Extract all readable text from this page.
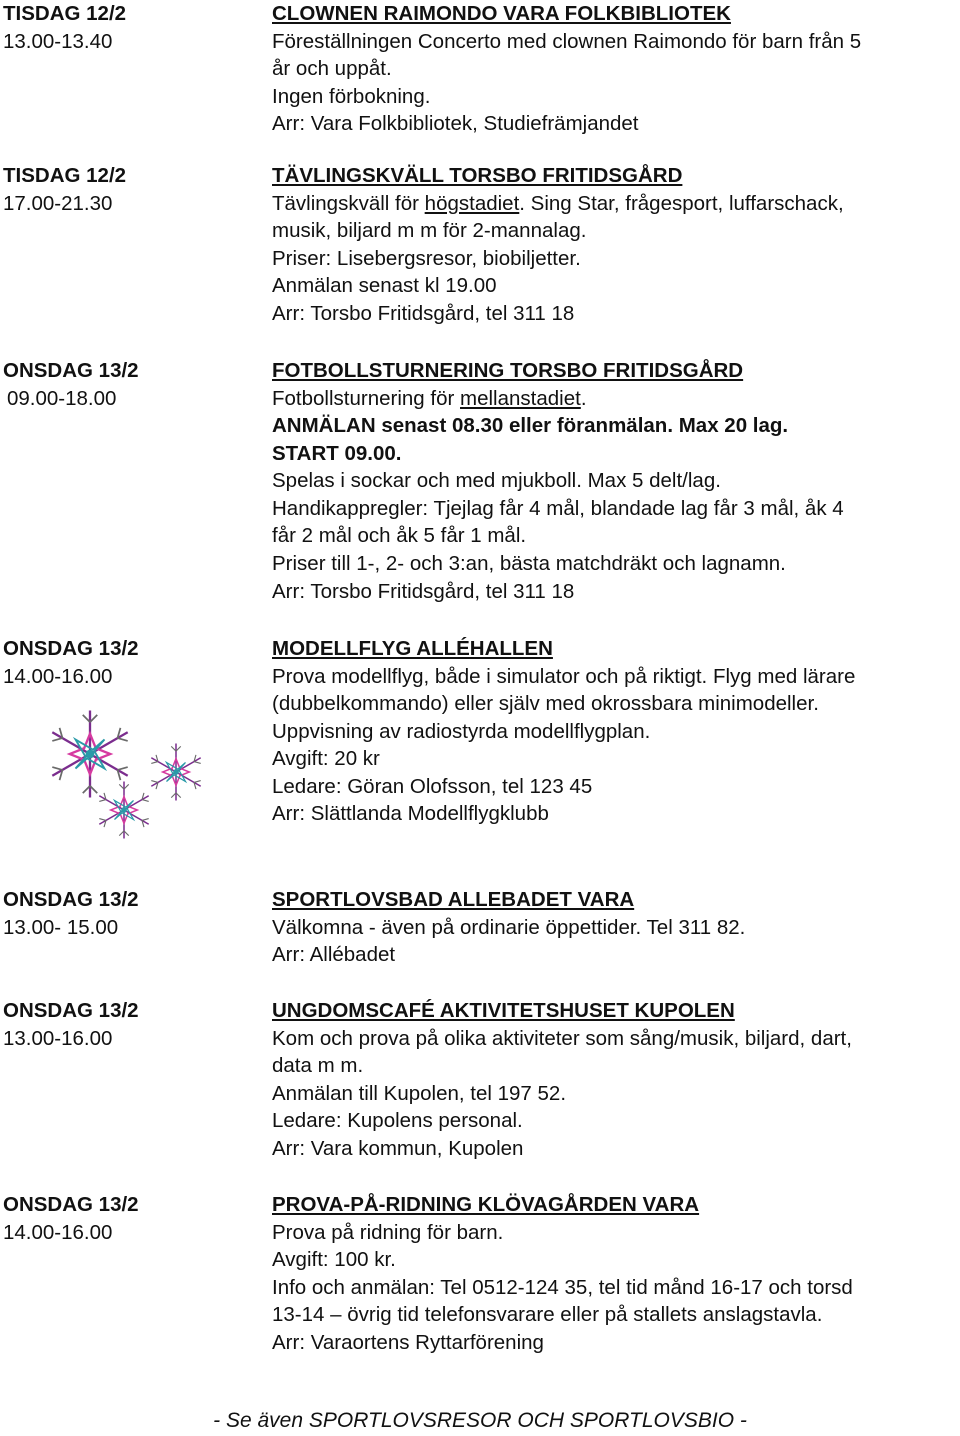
TISDAG 12/2	CLOWNEN RAIMONDO VARA FOLKBIBLIOTEK
13.00-13.40	Föreställningen Concerto med clownen Raimondo för barn från 5
år och uppåt.
Ingen förbokning.
Arr: Vara Folkbibliotek, Studiefrämjandet
TISDAG 12/2	TÄVLINGSKVÄLL TORSBO FRITIDSGÅRD
17.00-21.30	Tävlingskväll för högstadiet. Sing Star, frågesport, luffarschack,
musik, biljard m m för 2-mannalag.
Priser: Lisebergsresor, biobiljetter.
Anmälan senast kl 19.00
Arr: Torsbo Fritidsgård, tel 311 18
ONSDAG 13/2	FOTBOLLSTURNERING TORSBO FRITIDSGÅRD
09.00-18.00	Fotbollsturnering för mellanstadiet.
ANMÄLAN senast 08.30 eller föranmälan. Max 20 lag.
START 09.00.
Spelas i sockar och med mjukboll. Max 5 delt/lag.
Handikappregler: Tjejlag får 4 mål, blandade lag får 3 mål, åk 4
får 2 mål och åk 5 får 1 mål.
Priser till 1-, 2- och 3:an, bästa matchdräkt och lagnamn.
Arr: Torsbo Fritidsgård, tel 311 18
ONSDAG 13/2	MODELLFLYG ALLÉHALLEN
14.00-16.00	Prova modellflyg, både i simulator och på riktigt. Flyg med lärare
(dubbelkommando) eller själv med okrossbara minimodeller.
Uppvisning av radiostyrda modellflygplan.
Avgift: 20 kr
Ledare: Göran Olofsson, tel 123 45
Arr: Slättlanda Modellflygklubb
ONSDAG 13/2	SPORTLOVSBAD ALLEBADET VARA
13.00- 15.00	Välkomna - även på ordinarie öppettider. Tel 311 82.
Arr: Allébadet
ONSDAG 13/2	UNGDOMSCAFÉ AKTIVITETSHUSET KUPOLEN
13.00-16.00	Kom och prova på olika aktiviteter som sång/musik, biljard, dart,
data m m.
Anmälan till Kupolen, tel 197 52.
Ledare: Kupolens personal.
Arr: Vara kommun, Kupolen
ONSDAG 13/2	PROVA-PÅ-RIDNING KLÖVAGÅRDEN VARA
14.00-16.00	Prova på ridning för barn.
Avgift: 100 kr.
Info och anmälan: Tel 0512-124 35, tel tid månd 16-17 och torsd
13-14 – övrig tid telefonsvarare eller på stallets anslagstavla.
Arr: Varaortens Ryttarförening
- Se även SPORTLOVSRESOR OCH SPORTLOVSBIO -
